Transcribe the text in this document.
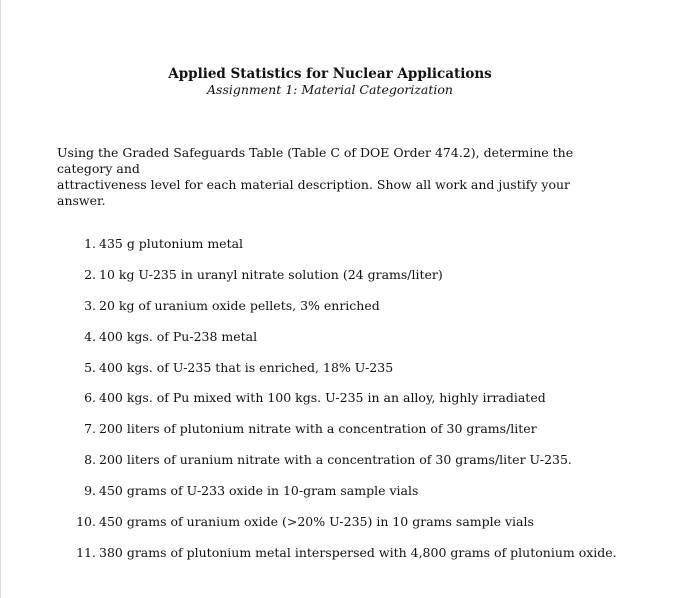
Applied Statistics for Nuclear Applications
Assignment 1: Material Categorization

Using the Graded Safeguards Table (Table C of DOE Order 474.2), determine the category and
attractiveness level for each material description. Show all work and justify your answer.

1. 435 g plutonium metal
2. 10 kg U-235 in uranyl nitrate solution (24 grams/liter)
3. 20 kg of uranium oxide pellets, 3% enriched
4. 400 kgs. of Pu-238 metal
5. 400 kgs. of U-235 that is enriched, 18% U-235
6. 400 kgs. of Pu mixed with 100 kgs. U-235 in an alloy, highly irradiated
7. 200 liters of plutonium nitrate with a concentration of 30 grams/liter
8. 200 liters of uranium nitrate with a concentration of 30 grams/liter U-235.
9. 450 grams of U-233 oxide in 10-gram sample vials
10. 450 grams of uranium oxide (>20% U-235) in 10 grams sample vials
11. 380 grams of plutonium metal interspersed with 4,800 grams of plutonium oxide.
